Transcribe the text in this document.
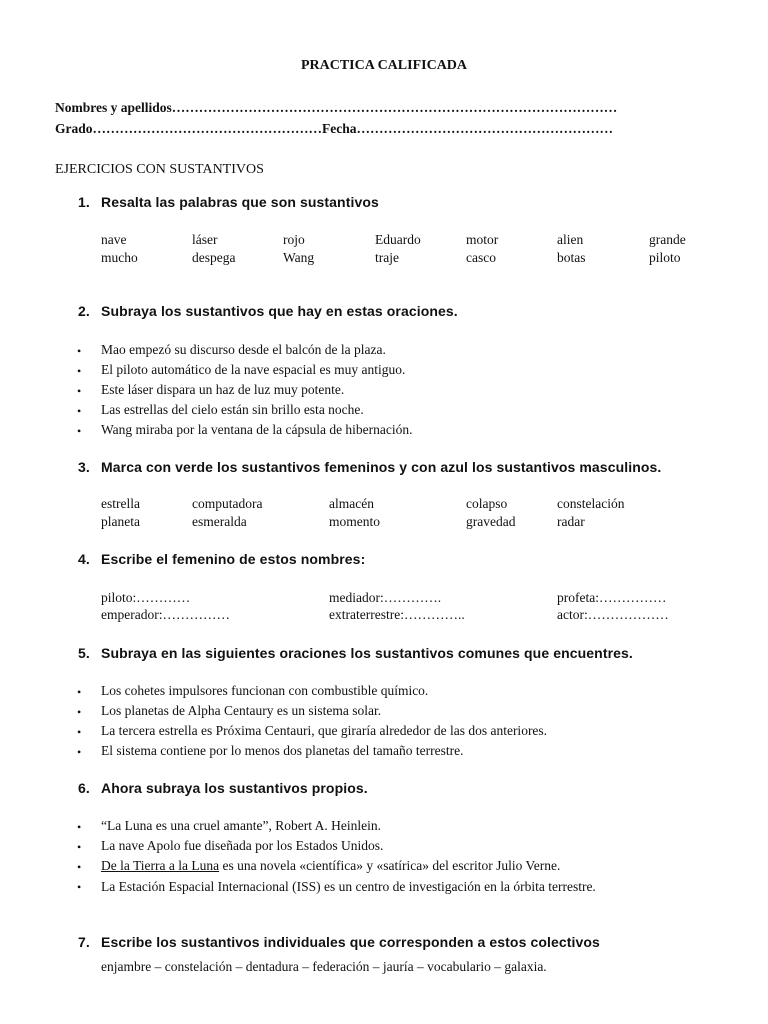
PRACTICA CALIFICADA
Nombres y apellidos………………………………………………………………………………………
Grado……………………………………………Fecha…………………………………………………
EJERCICIOS CON SUSTANTIVOS
1. Resalta las palabras que son sustantivos
nave	láser	rojo	Eduardo	motor	alien	grande
mucho	despega	Wang	traje	casco	botas	piloto
2. Subraya los sustantivos que hay en estas oraciones.
•
Mao empezó su discurso desde el balcón de la plaza.
•
El piloto automático de la nave espacial es muy antiguo.
•
Este láser dispara un haz de luz muy potente.
•
Las estrellas del cielo están sin brillo esta noche.
•
Wang miraba por la ventana de la cápsula de hibernación.
3. Marca con verde los sustantivos femeninos y con azul los sustantivos masculinos.
estrella	computadora	almacén	colapso	constelación
planeta	esmeralda	momento	gravedad	radar
4. Escribe el femenino de estos nombres:
piloto:…………	mediador:………….	profeta:……………
emperador:……………	extraterrestre:…………..	actor:………………
5. Subraya en las siguientes oraciones los sustantivos comunes que encuentres.
•
Los cohetes impulsores funcionan con combustible químico.
•
Los planetas de Alpha Centaury es un sistema solar.
•
La tercera estrella es Próxima Centauri, que giraría alrededor de las dos anteriores.
•
El sistema contiene por lo menos dos planetas del tamaño terrestre.
6. Ahora subraya los sustantivos propios.
•
“La Luna es una cruel amante”, Robert A. Heinlein.
•
La nave Apolo fue diseñada por los Estados Unidos.
•
De la Tierra a la Luna es una novela «científica» y «satírica» del escritor Julio Verne.
•
La Estación Espacial Internacional (ISS) es un centro de investigación en la órbita terrestre.
7. Escribe los sustantivos individuales que corresponden a estos colectivos
enjambre – constelación – dentadura – federación – jauría – vocabulario – galaxia.
